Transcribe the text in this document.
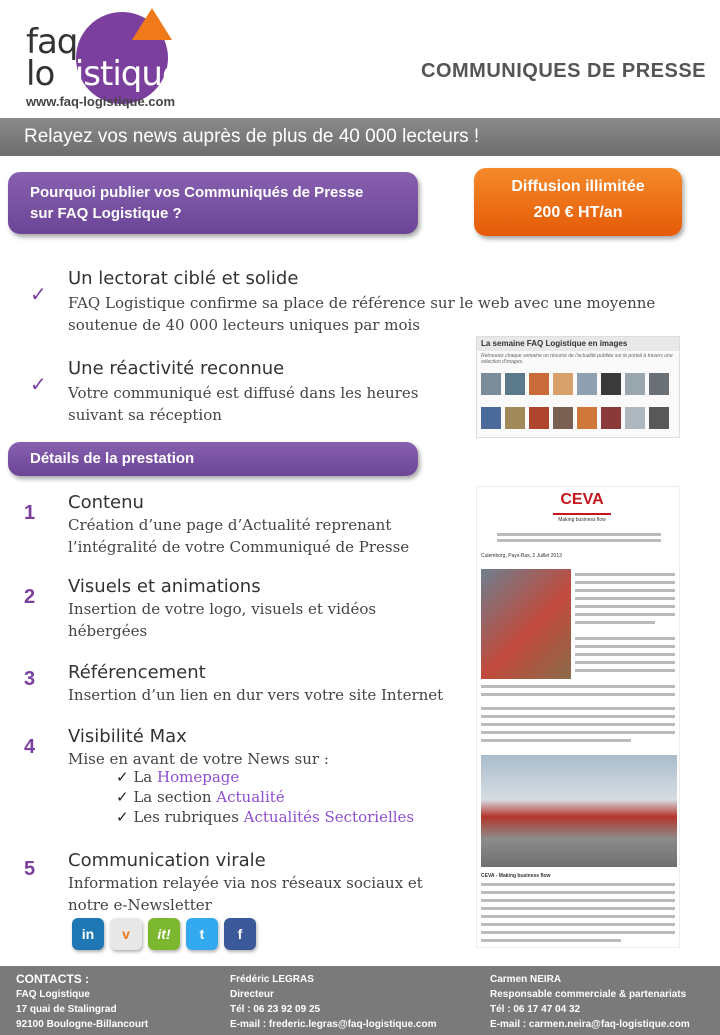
faq
logistique
www.faq-logistique.com
COMMUNIQUES DE PRESSE
Relayez vos news auprès de plus de 40 000 lecteurs !
Pourquoi publier vos Communiqués de Presse
sur FAQ Logistique ?
Diffusion illimitée
200 € HT/an
✓
Un lectorat ciblé et solide
FAQ Logistique confirme sa place de référence sur le web avec une moyenne
soutenue de 40 000 lecteurs uniques par mois
✓
Une réactivité reconnue
Votre communiqué est diffusé dans les heures
suivant sa réception
La semaine FAQ Logistique en images
Retrouvez chaque semaine un résumé de l'actualité publiée sur le portail à travers une sélection d'images.
Détails de la prestation
1 Contenu
Création d’une page d’Actualité reprenant
l’intégralité de votre Communiqué de Presse
2 Visuels et animations
Insertion de votre logo, visuels et vidéos
hébergées
3 Référencement
Insertion d’un lien en dur vers votre site Internet
4 Visibilité Max
Mise en avant de votre News sur :
✓ La Homepage
✓ La section Actualité
✓ Les rubriques Actualités Sectorielles
5 Communication virale
Information relayée via nos réseaux sociaux et
notre e-Newsletter
in	v	it!	t	f
CEVA
Making business flow
Culemborg, Pays-Bas, 2 Juillet 2013
CEVA - Making business flow
CONTACTS :
FAQ Logistique
17 quai de Stalingrad
92100 Boulogne-Billancourt
Frédéric LEGRAS
Directeur
Tél : 06 23 92 09 25
E-mail : frederic.legras@faq-logistique.com
Carmen NEIRA
Responsable commerciale & partenariats
Tél : 06 17 47 04 32
E-mail : carmen.neira@faq-logistique.com
